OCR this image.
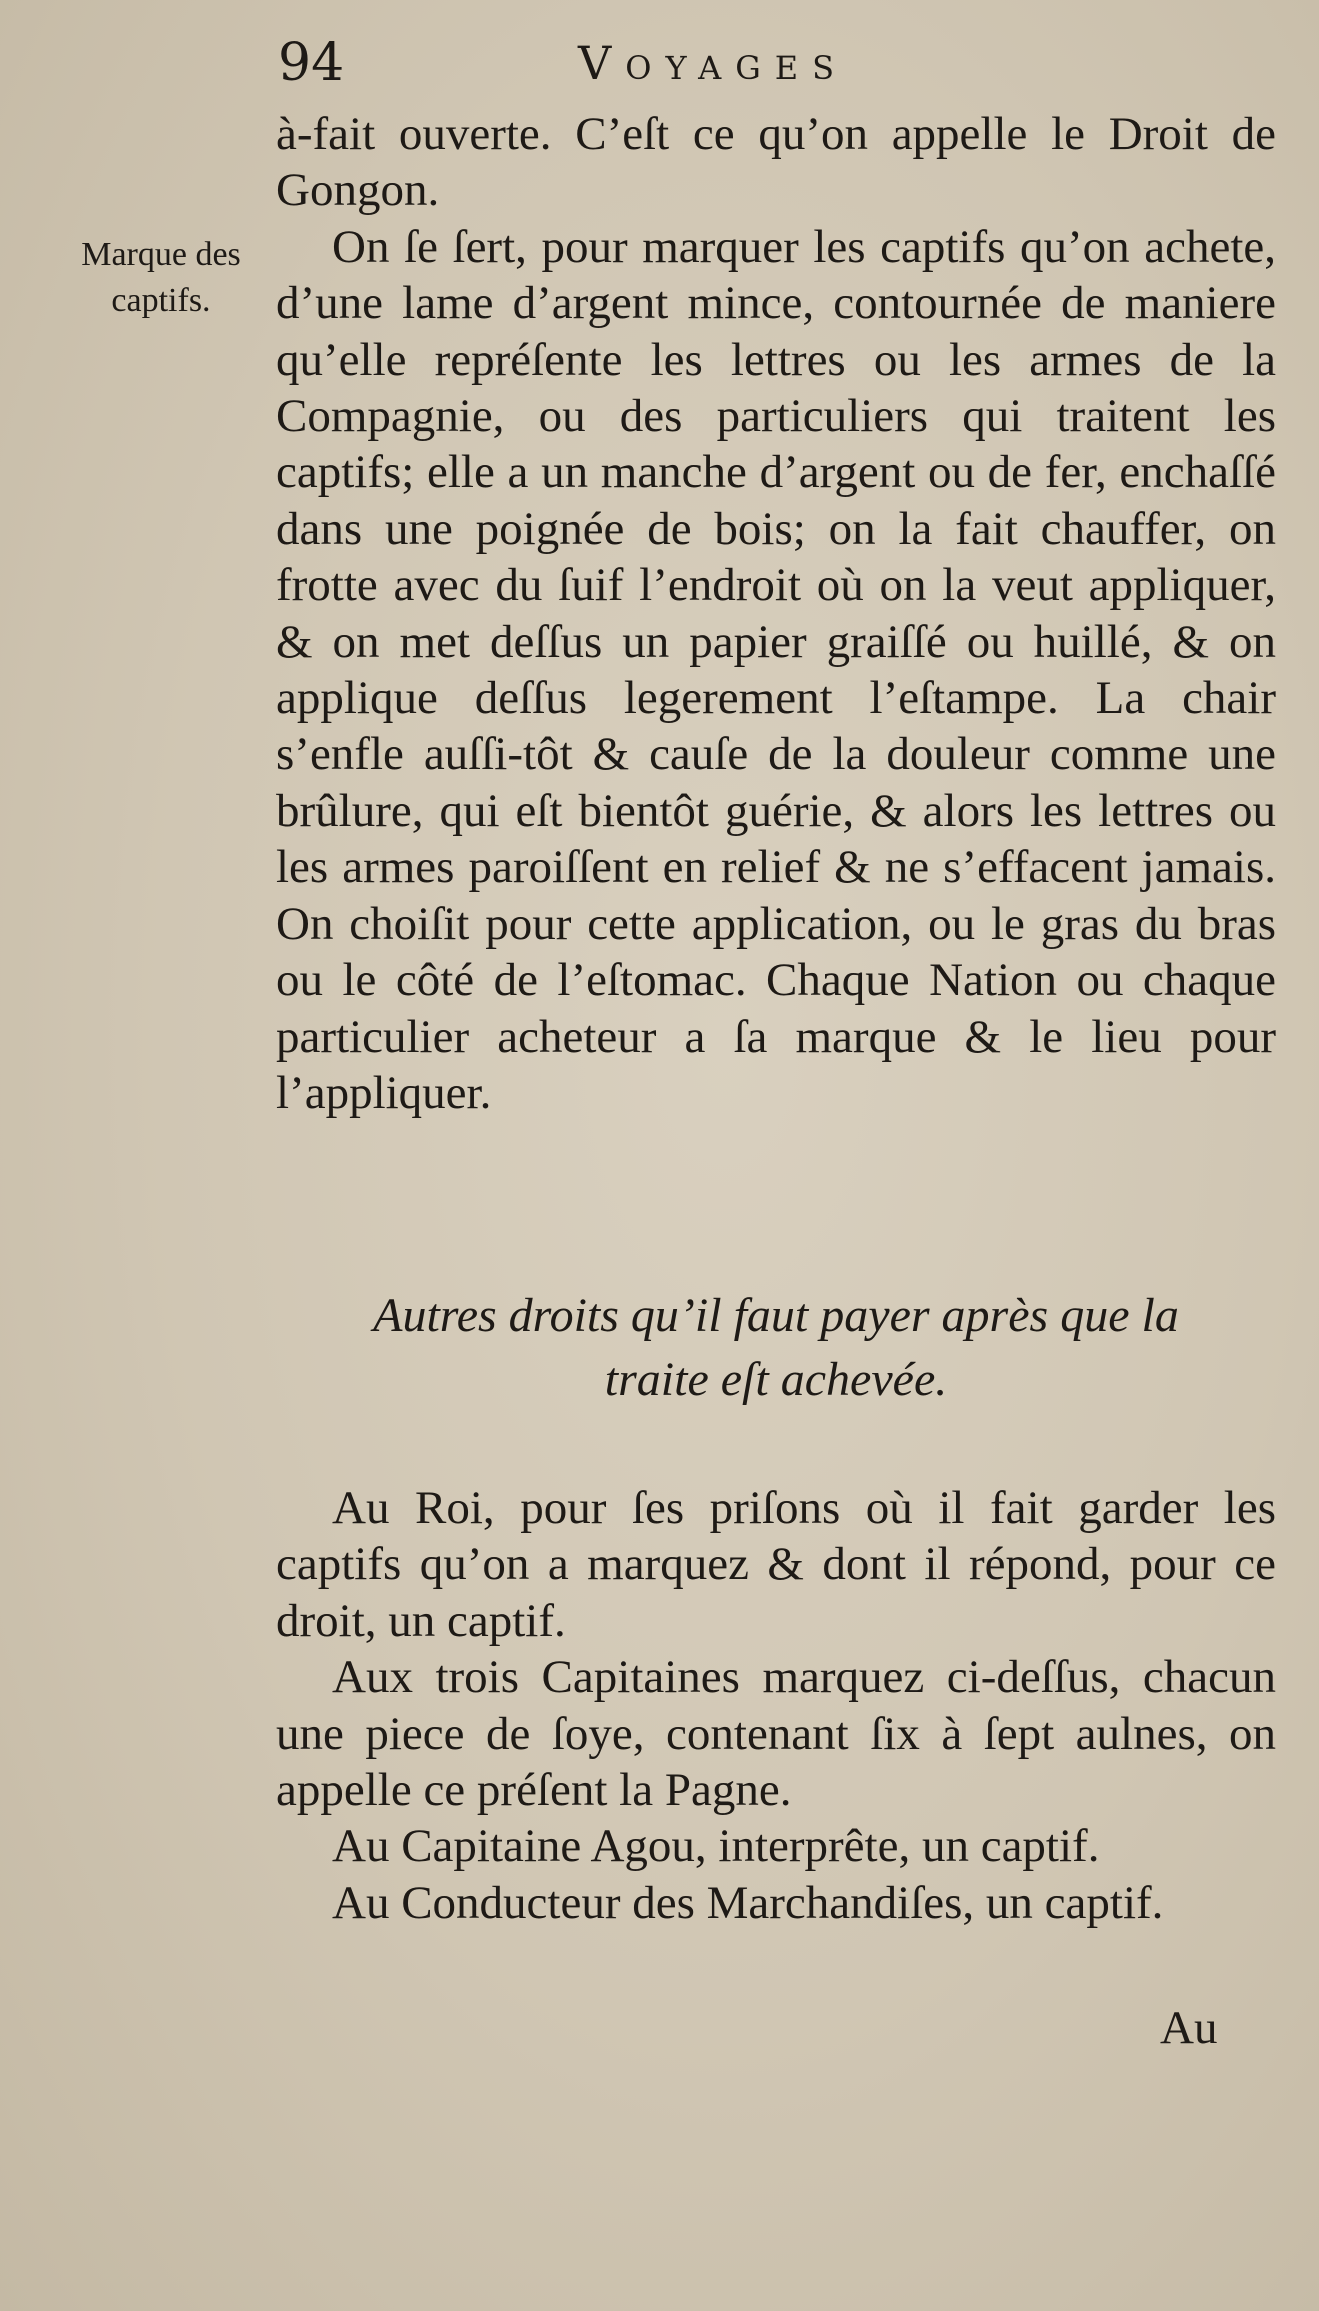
94	Voyages
Marque des
captifs.

à-fait ouverte. C’eſt ce qu’on appelle le Droit de Gongon.

On ſe ſert, pour marquer les captifs qu’on achete, d’une lame d’argent mince, contournée de maniere qu’elle repréſente les lettres ou les armes de la Compagnie, ou des particuliers qui traitent les captifs; elle a un manche d’argent ou de fer, enchaſſé dans une poignée de bois; on la fait chauffer, on frotte avec du ſuif l’endroit où on la veut appliquer, & on met deſſus un papier graiſſé ou huillé, & on applique deſſus legerement l’eſtampe. La chair s’enfle auſſi-tôt & cauſe de la douleur comme une brûlure, qui eſt bientôt guérie, & alors les lettres ou les armes paroiſſent en relief & ne s’effacent jamais. On choiſit pour cette application, ou le gras du bras ou le côté de l’eſtomac. Chaque Nation ou chaque particulier acheteur a ſa marque & le lieu pour l’appliquer.

Autres droits qu’il faut payer après que la
traite eſt achevée.

Au Roi, pour ſes priſons où il fait garder les captifs qu’on a marquez & dont il répond, pour ce droit, un captif.

Aux trois Capitaines marquez ci-deſſus, chacun une piece de ſoye, contenant ſix à ſept aulnes, on appelle ce préſent la Pagne.

Au Capitaine Agou, interprête, un captif.

Au Conducteur des Marchandiſes, un captif.

Au
